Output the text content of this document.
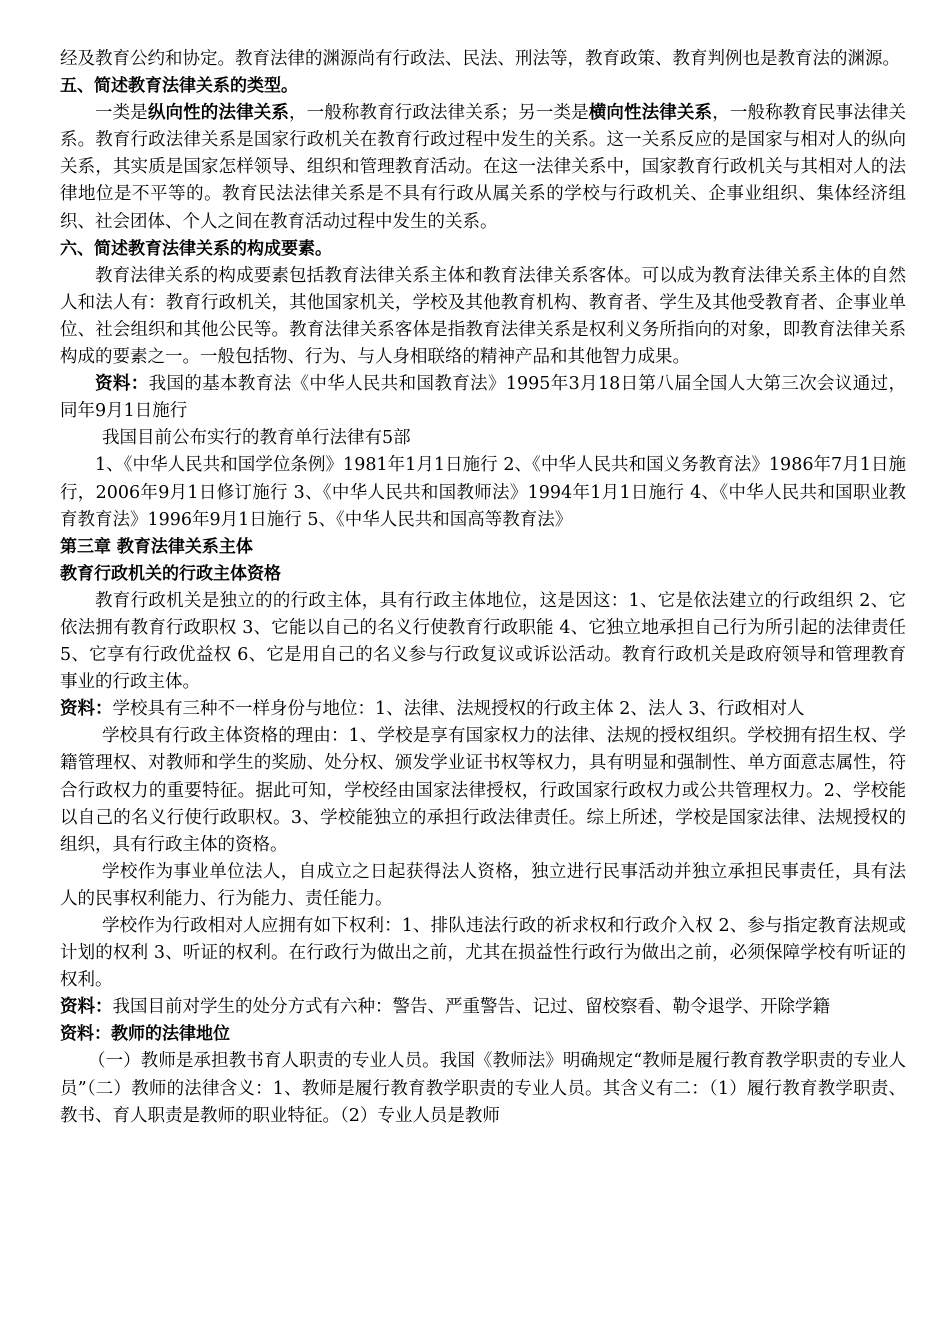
经及教育公约和协定。教育法律的渊源尚有行政法、民法、刑法等，教育政策、教育判例也是教育法的渊源。

五、简述教育法律关系的类型。

一类是纵向性的法律关系，一般称教育行政法律关系；另一类是横向性法律关系，一般称教育民事法律关系。教育行政法律关系是国家行政机关在教育行政过程中发生的关系。这一关系反应的是国家与相对人的纵向关系，其实质是国家怎样领导、组织和管理教育活动。在这一法律关系中，国家教育行政机关与其相对人的法律地位是不平等的。教育民法法律关系是不具有行政从属关系的学校与行政机关、企事业组织、集体经济组织、社会团体、个人之间在教育活动过程中发生的关系。

六、简述教育法律关系的构成要素。

教育法律关系的构成要素包括教育法律关系主体和教育法律关系客体。可以成为教育法律关系主体的自然人和法人有：教育行政机关，其他国家机关，学校及其他教育机构、教育者、学生及其他受教育者、企事业单位、社会组织和其他公民等。教育法律关系客体是指教育法律关系是权利义务所指向的对象，即教育法律关系构成的要素之一。一般包括物、行为、与人身相联络的精神产品和其他智力成果。

资料：我国的基本教育法《中华人民共和国教育法》1995年3月18日第八届全国人大第三次会议通过，同年9月1日施行

我国目前公布实行的教育单行法律有5部

1、《中华人民共和国学位条例》1981年1月1日施行 2、《中华人民共和国义务教育法》1986年7月1日施行，2006年9月1日修订施行 3、《中华人民共和国教师法》1994年1月1日施行 4、《中华人民共和国职业教育教育法》1996年9月1日施行 5、《中华人民共和国高等教育法》

第三章 教育法律关系主体

教育行政机关的行政主体资格

教育行政机关是独立的的行政主体，具有行政主体地位，这是因这：1、它是依法建立的行政组织 2、它依法拥有教育行政职权 3、它能以自己的名义行使教育行政职能 4、它独立地承担自己行为所引起的法律责任 5、它享有行政优益权 6、它是用自己的名义参与行政复议或诉讼活动。教育行政机关是政府领导和管理教育事业的行政主体。

资料：学校具有三种不一样身份与地位：1、法律、法规授权的行政主体 2、法人 3、行政相对人

学校具有行政主体资格的理由：1、学校是享有国家权力的法律、法规的授权组织。学校拥有招生权、学籍管理权、对教师和学生的奖励、处分权、颁发学业证书权等权力，具有明显和强制性、单方面意志属性，符合行政权力的重要特征。据此可知，学校经由国家法律授权，行政国家行政权力或公共管理权力。2、学校能以自己的名义行使行政职权。3、学校能独立的承担行政法律责任。综上所述，学校是国家法律、法规授权的组织，具有行政主体的资格。

学校作为事业单位法人，自成立之日起获得法人资格，独立进行民事活动并独立承担民事责任，具有法人的民事权利能力、行为能力、责任能力。

学校作为行政相对人应拥有如下权利：1、排队违法行政的祈求权和行政介入权 2、参与指定教育法规或计划的权利 3、听证的权利。在行政行为做出之前，尤其在损益性行政行为做出之前，必须保障学校有听证的权利。

资料：我国目前对学生的处分方式有六种：警告、严重警告、记过、留校察看、勒令退学、开除学籍

资料：教师的法律地位

（一）教师是承担教书育人职责的专业人员。我国《教师法》明确规定“教师是履行教育教学职责的专业人员”（二）教师的法律含义：1、教师是履行教育教学职责的专业人员。其含义有二：（1）履行教育教学职责、教书、育人职责是教师的职业特征。（2）专业人员是教师
